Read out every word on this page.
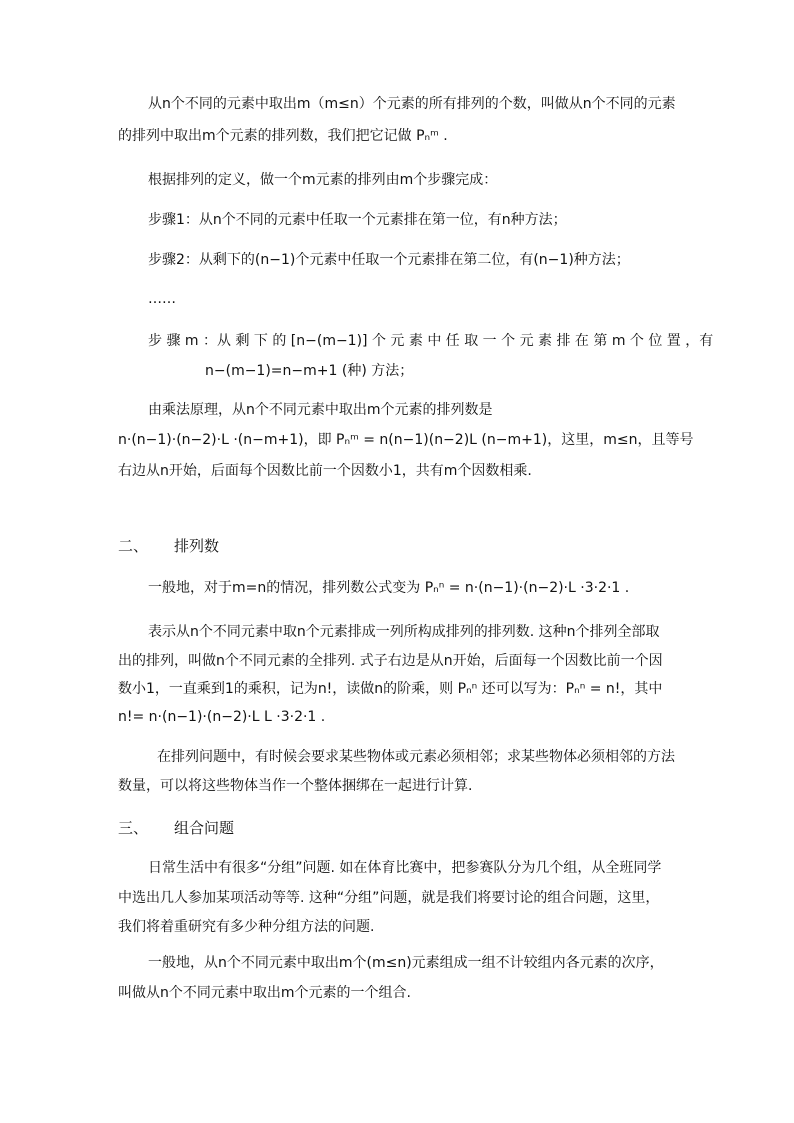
从n个不同的元素中取出m（m≤n）个元素的所有排列的个数，叫做从n个不同的元素
的排列中取出m个元素的排列数，我们把它记做 Pₙᵐ .
根据排列的定义，做一个m元素的排列由m个步骤完成：
步骤1：从n个不同的元素中任取一个元素排在第一位，有n种方法；
步骤2：从剩下的(n−1)个元素中任取一个元素排在第二位，有(n−1)种方法；
……
步 骤 m ：从 剩 下 的 [n−(m−1)] 个 元 素 中 任 取 一 个 元 素 排 在 第 m 个 位 置 ，有
n−(m−1)=n−m+1 (种) 方法；
由乘法原理，从n个不同元素中取出m个元素的排列数是
n·(n−1)·(n−2)·L ·(n−m+1)，即 Pₙᵐ = n(n−1)(n−2)L (n−m+1)，这里，m≤n，且等号
右边从n开始，后面每个因数比前一个因数小1，共有m个因数相乘.
二、 排列数
一般地，对于m=n的情况，排列数公式变为 Pₙⁿ = n·(n−1)·(n−2)·L ·3·2·1 .
表示从n个不同元素中取n个元素排成一列所构成排列的排列数. 这种n个排列全部取
出的排列，叫做n个不同元素的全排列. 式子右边是从n开始，后面每一个因数比前一个因
数小1，一直乘到1的乘积，记为n!，读做n的阶乘，则 Pₙⁿ 还可以写为：Pₙⁿ = n!，其中
n!= n·(n−1)·(n−2)·L L ·3·2·1 .
在排列问题中，有时候会要求某些物体或元素必须相邻；求某些物体必须相邻的方法
数量，可以将这些物体当作一个整体捆绑在一起进行计算.
三、 组合问题
日常生活中有很多“分组”问题. 如在体育比赛中，把参赛队分为几个组，从全班同学
中选出几人参加某项活动等等. 这种“分组”问题，就是我们将要讨论的组合问题，这里，
我们将着重研究有多少种分组方法的问题.
一般地，从n个不同元素中取出m个(m≤n)元素组成一组不计较组内各元素的次序，
叫做从n个不同元素中取出m个元素的一个组合.
